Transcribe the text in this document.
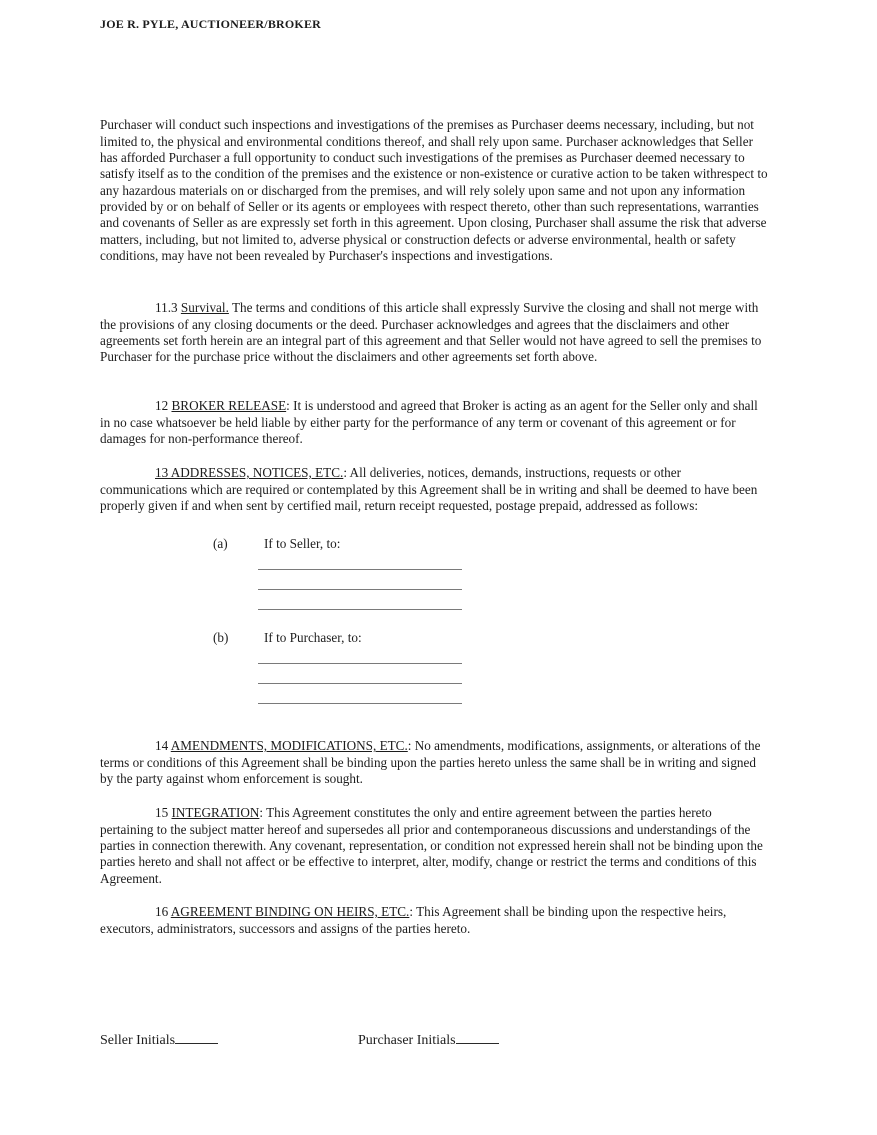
JOE R. PYLE, AUCTIONEER/BROKER

Purchaser will conduct such inspections and investigations of the premises as Purchaser deems necessary, including, but not limited to, the physical and environmental conditions thereof, and shall rely upon same. Purchaser acknowledges that Seller has afforded Purchaser a full opportunity to conduct such investigations of the premises as Purchaser deemed necessary to satisfy itself as to the condition of the premises and the existence or non-existence or curative action to be taken withrespect to any hazardous materials on or discharged from the premises, and will rely solely upon same and not upon any information provided by or on behalf of Seller or its agents or employees with respect thereto, other than such representations, warranties and covenants of Seller as are expressly set forth in this agreement. Upon closing, Purchaser shall assume the risk that adverse matters, including, but not limited to, adverse physical or construction defects or adverse environmental, health or safety conditions, may have not been revealed by Purchaser's inspections and investigations.

11.3 Survival. The terms and conditions of this article shall expressly Survive the closing and shall not merge with the provisions of any closing documents or the deed. Purchaser acknowledges and agrees that the disclaimers and other agreements set forth herein are an integral part of this agreement and that Seller would not have agreed to sell the premises to Purchaser for the purchase price without the disclaimers and other agreements set forth above.

12 BROKER RELEASE: It is understood and agreed that Broker is acting as an agent for the Seller only and shall in no case whatsoever be held liable by either party for the performance of any term or covenant of this agreement or for damages for non-performance thereof.

13 ADDRESSES, NOTICES, ETC.: All deliveries, notices, demands, instructions, requests or other communications which are required or contemplated by this Agreement shall be in writing and shall be deemed to have been properly given if and when sent by certified mail, return receipt requested, postage prepaid, addressed as follows:

(a)	If to Seller, to:
(b)	If to Purchaser, to:

14 AMENDMENTS, MODIFICATIONS, ETC.: No amendments, modifications, assignments, or alterations of the terms or conditions of this Agreement shall be binding upon the parties hereto unless the same shall be in writing and signed by the party against whom enforcement is sought.

15 INTEGRATION: This Agreement constitutes the only and entire agreement between the parties hereto pertaining to the subject matter hereof and supersedes all prior and contemporaneous discussions and understandings of the parties in connection therewith. Any covenant, representation, or condition not expressed herein shall not be binding upon the parties hereto and shall not affect or be effective to interpret, alter, modify, change or restrict the terms and conditions of this Agreement.

16 AGREEMENT BINDING ON HEIRS, ETC.: This Agreement shall be binding upon the respective heirs, executors, administrators, successors and assigns of the parties hereto.

Seller Initials	Purchaser Initials
